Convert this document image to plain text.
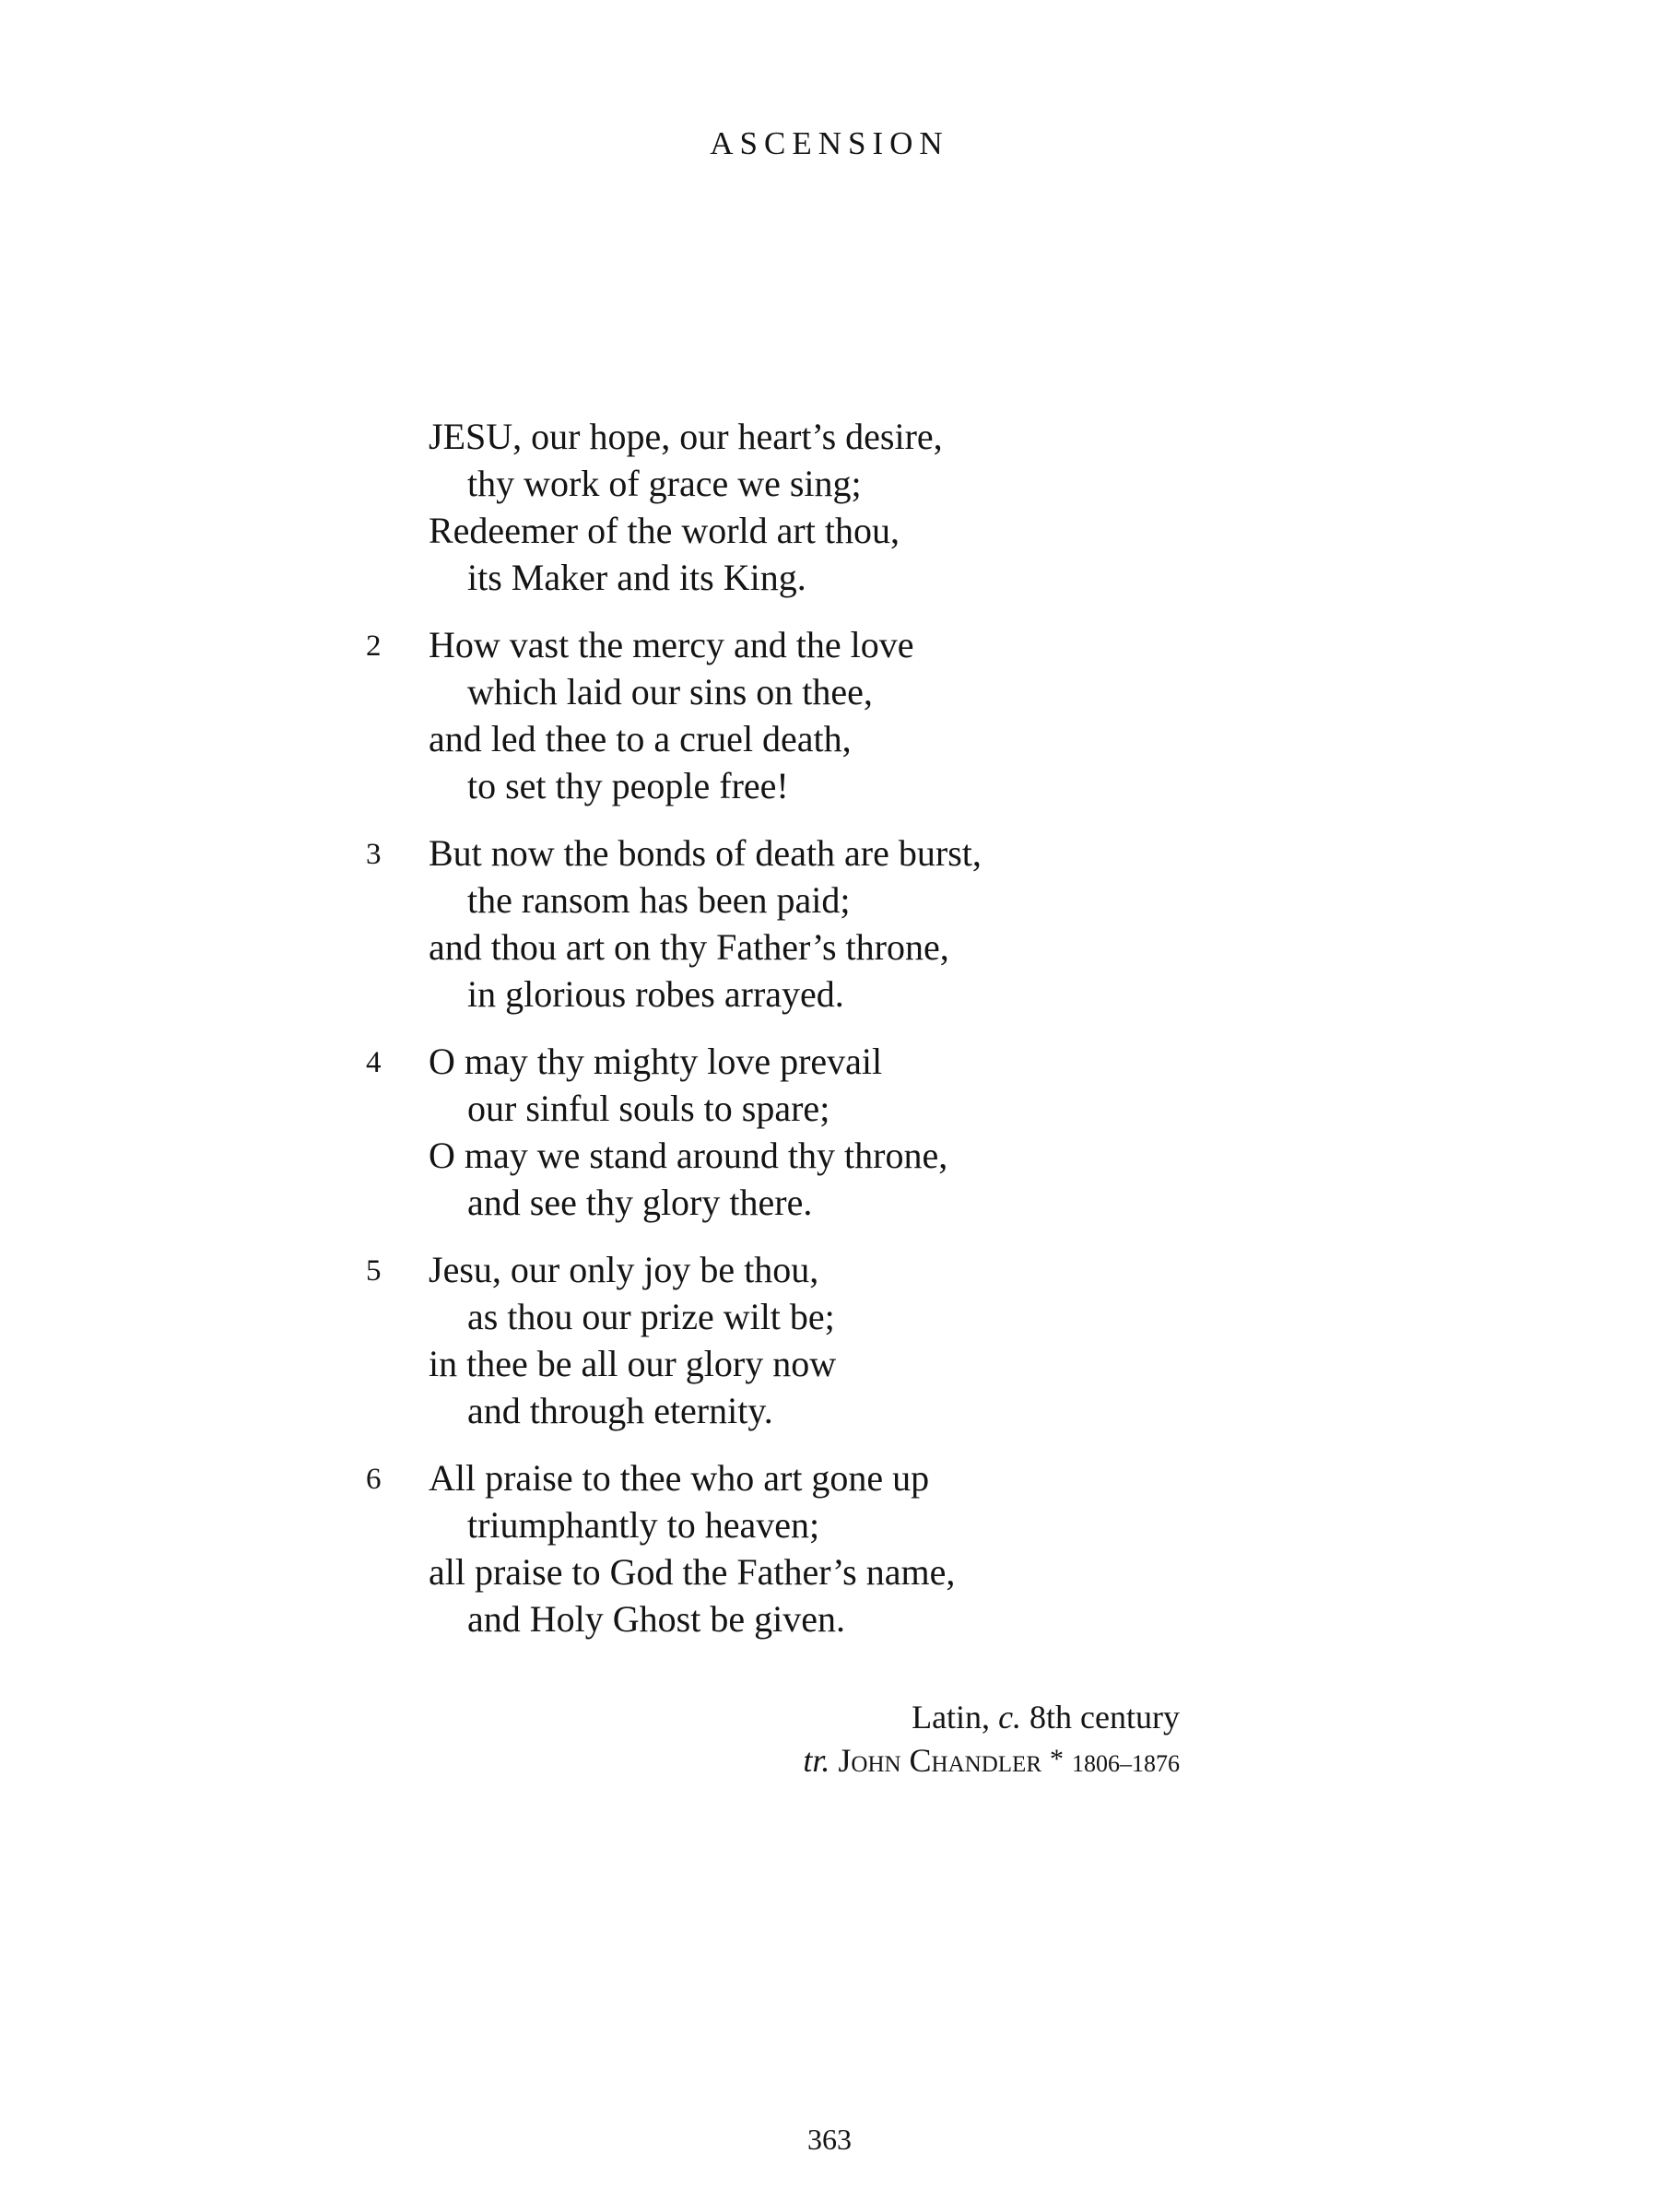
ASCENSION
JESU, our hope, our heart’s desire,
thy work of grace we sing;
Redeemer of the world art thou,
its Maker and its King.
2 How vast the mercy and the love
which laid our sins on thee,
and led thee to a cruel death,
to set thy people free!
3 But now the bonds of death are burst,
the ransom has been paid;
and thou art on thy Father’s throne,
in glorious robes arrayed.
4 O may thy mighty love prevail
our sinful souls to spare;
O may we stand around thy throne,
and see thy glory there.
5 Jesu, our only joy be thou,
as thou our prize wilt be;
in thee be all our glory now
and through eternity.
6 All praise to thee who art gone up
triumphantly to heaven;
all praise to God the Father’s name,
and Holy Ghost be given.
Latin, c. 8th century
tr. John Chandler * 1806–1876
363
